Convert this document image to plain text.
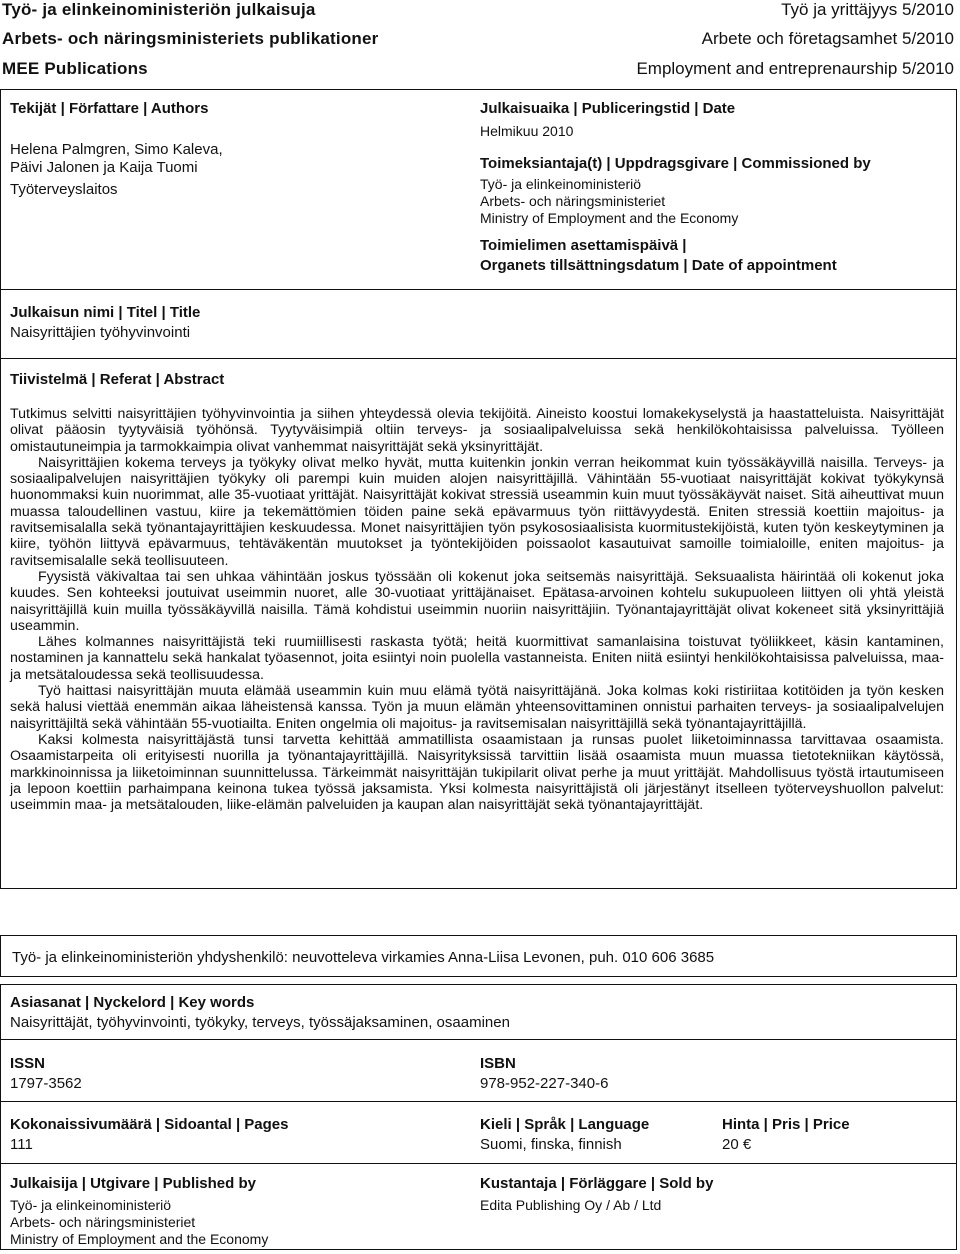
Työ- ja elinkeinoministeriön julkaisuja	Työ ja yrittäjyys 5/2010
Arbets- och näringsministeriets publikationer	Arbete och företagsamhet 5/2010
MEE Publications	Employment and entreprenaurship 5/2010
Tekijät | Författare | Authors
Helena Palmgren, Simo Kaleva,
Päivi Jalonen ja Kaija Tuomi
Työterveyslaitos
Julkaisuaika | Publiceringstid | Date
Helmikuu 2010
Toimeksiantaja(t) | Uppdragsgivare | Commissioned by
Työ- ja elinkeinoministeriö
Arbets- och näringsministeriet
Ministry of Employment and the Economy
Toimielimen asettamispäivä |
Organets tillsättningsdatum | Date of appointment
Julkaisun nimi | Titel | Title
Naisyrittäjien työhyvinvointi
Tiivistelmä | Referat | Abstract

Tutkimus selvitti naisyrittäjien työhyvinvointia ja siihen yhteydessä olevia tekijöitä. Aineisto koostui lomakekyselystä ja haastatteluista. Naisyrittäjät olivat pääosin tyytyväisiä työhönsä. Tyytyväisimpiä oltiin terveys- ja sosiaalipalveluissa sekä henkilökohtaisissa palveluissa. Työlleen omistautuneimpia ja tarmokkaimpia olivat vanhemmat naisyrittäjät sekä yksinyrittäjät.

Naisyrittäjien kokema terveys ja työkyky olivat melko hyvät, mutta kuitenkin jonkin verran heikommat kuin työssäkäyvillä naisilla. Terveys- ja sosiaalipalvelujen naisyrittäjien työkyky oli parempi kuin muiden alojen naisyrittäjillä. Vähintään 55-vuotiaat naisyrittäjät kokivat työkykynsä huonommaksi kuin nuorimmat, alle 35-vuotiaat yrittäjät. Naisyrittäjät kokivat stressiä useammin kuin muut työssäkäyvät naiset. Sitä aiheuttivat muun muassa taloudellinen vastuu, kiire ja tekemättömien töiden paine sekä epävarmuus työn riittävyydestä. Eniten stressiä koettiin majoitus- ja ravitsemisalalla sekä työnantajayrittäjien keskuudessa. Monet naisyrittäjien työn psykososiaalisista kuormitustekijöistä, kuten työn keskeytyminen ja kiire, työhön liittyvä epävarmuus, tehtäväkentän muutokset ja työntekijöiden poissaolot kasautuivat samoille toimialoille, eniten majoitus- ja ravitsemisalalle sekä teollisuuteen.

Fyysistä väkivaltaa tai sen uhkaa vähintään joskus työssään oli kokenut joka seitsemäs naisyrittäjä. Seksuaalista häirintää oli kokenut joka kuudes. Sen kohteeksi joutuivat useimmin nuoret, alle 30-vuotiaat yrittäjänaiset. Epätasa-arvoinen kohtelu sukupuoleen liittyen oli yhtä yleistä naisyrittäjillä kuin muilla työssäkäyvillä naisilla. Tämä kohdistui useimmin nuoriin naisyrittäjiin. Työnantajayrittäjät olivat kokeneet sitä yksinyrittäjiä useammin.

Lähes kolmannes naisyrittäjistä teki ruumiillisesti raskasta työtä; heitä kuormittivat samanlaisina toistuvat työliikkeet, käsin kantaminen, nostaminen ja kannattelu sekä hankalat työasennot, joita esiintyi noin puolella vastanneista. Eniten niitä esiintyi henkilökohtaisissa palveluissa, maa- ja metsätaloudessa sekä teollisuudessa.

Työ haittasi naisyrittäjän muuta elämää useammin kuin muu elämä työtä naisyrittäjänä. Joka kolmas koki ristiriitaa kotitöiden ja työn kesken sekä halusi viettää enemmän aikaa läheistensä kanssa. Työn ja muun elämän yhteensovittaminen onnistui parhaiten terveys- ja sosiaalipalvelujen naisyrittäjiltä sekä vähintään 55-vuotiailta. Eniten ongelmia oli majoitus- ja ravitsemisalan naisyrittäjillä sekä työnantajayrittäjillä.

Kaksi kolmesta naisyrittäjästä tunsi tarvetta kehittää ammatillista osaamistaan ja runsas puolet liiketoiminnassa tarvittavaa osaamista. Osaamistarpeita oli erityisesti nuorilla ja työnantajayrittäjillä. Naisyrityksissä tarvittiin lisää osaamista muun muassa tietotekniikan käytössä, markkinoinnissa ja liiketoiminnan suunnittelussa. Tärkeimmät naisyrittäjän tukipilarit olivat perhe ja muut yrittäjät. Mahdollisuus työstä irtautumiseen ja lepoon koettiin parhaimpana keinona tukea työssä jaksamista. Yksi kolmesta naisyrittäjistä oli järjestänyt itselleen työterveyshuollon palvelut: useimmin maa- ja metsätalouden, liike-elämän palveluiden ja kaupan alan naisyrittäjät sekä työnantajayrittäjät.

Työ- ja elinkeinoministeriön yhdyshenkilö: neuvotteleva virkamies Anna-Liisa Levonen, puh. 010 606 3685
Asiasanat | Nyckelord | Key words
Naisyrittäjät, työhyvinvointi, työkyky, terveys, työssäjaksaminen, osaaminen
ISSN
1797-3562
ISBN
978-952-227-340-6
Kokonaissivumäärä | Sidoantal | Pages
111
Kieli | Språk | Language
Suomi, finska, finnish
Hinta | Pris | Price
20 €
Julkaisija | Utgivare | Published by
Työ- ja elinkeinoministeriö
Arbets- och näringsministeriet
Ministry of Employment and the Economy
Kustantaja | Förläggare | Sold by
Edita Publishing Oy / Ab / Ltd
